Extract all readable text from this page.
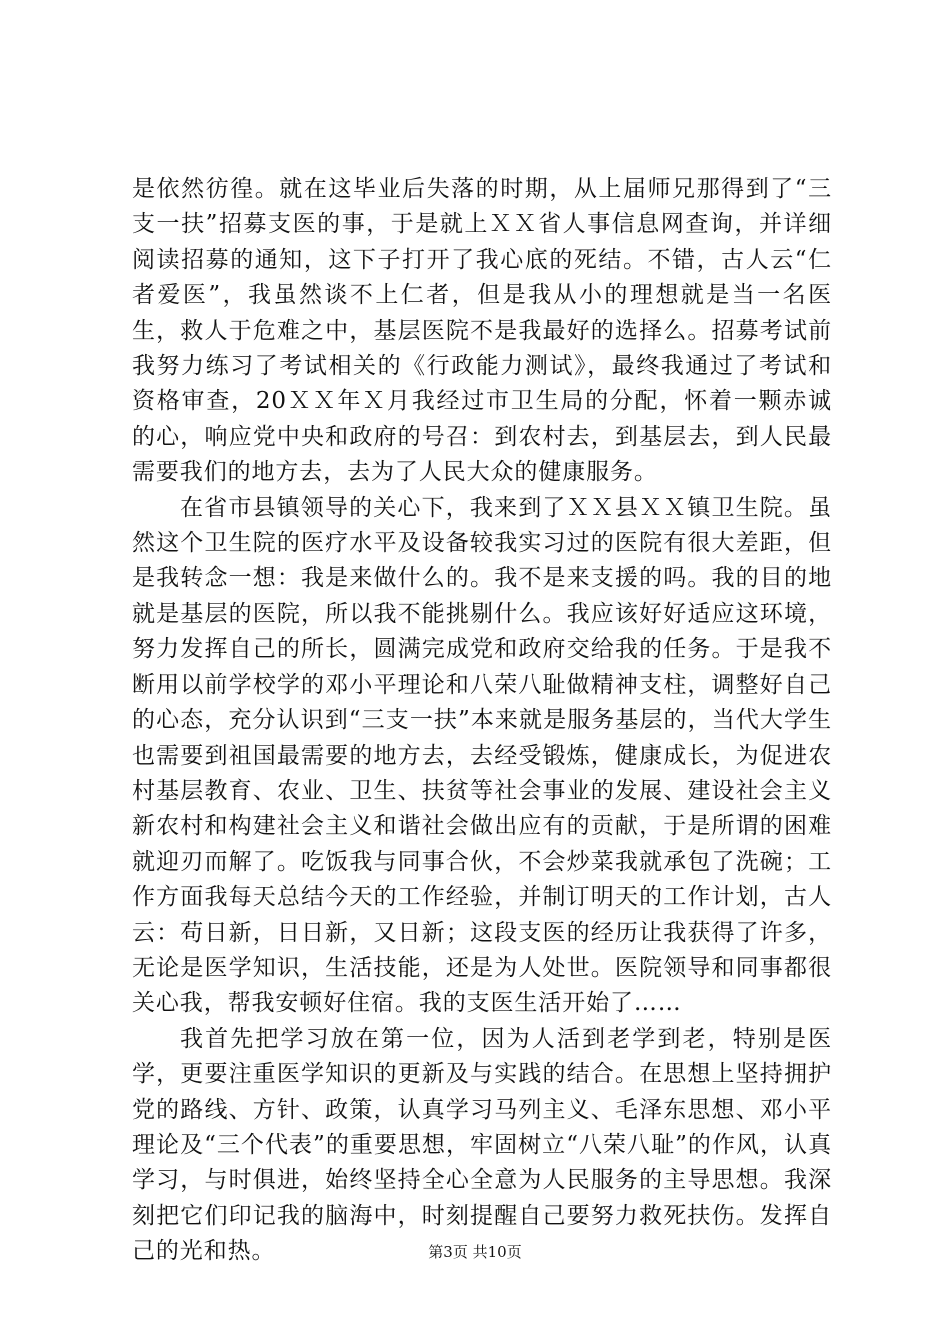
是依然彷徨。就在这毕业后失落的时期，从上届师兄那得到了“三支一扶”招募支医的事，于是就上ＸＸ省人事信息网查询，并详细阅读招募的通知，这下子打开了我心底的死结。不错，古人云“仁者爱医”，我虽然谈不上仁者，但是我从小的理想就是当一名医生，救人于危难之中，基层医院不是我最好的选择么。招募考试前我努力练习了考试相关的《行政能力测试》，最终我通过了考试和资格审查，20ＸＸ年Ｘ月我经过市卫生局的分配，怀着一颗赤诚的心，响应党中央和政府的号召：到农村去，到基层去，到人民最需要我们的地方去，去为了人民大众的健康服务。

在省市县镇领导的关心下，我来到了ＸＸ县ＸＸ镇卫生院。虽然这个卫生院的医疗水平及设备较我实习过的医院有很大差距，但是我转念一想：我是来做什么的。我不是来支援的吗。我的目的地就是基层的医院，所以我不能挑剔什么。我应该好好适应这环境，努力发挥自己的所长，圆满完成党和政府交给我的任务。于是我不断用以前学校学的邓小平理论和八荣八耻做精神支柱，调整好自己的心态，充分认识到“三支一扶”本来就是服务基层的，当代大学生也需要到祖国最需要的地方去，去经受锻炼，健康成长，为促进农村基层教育、农业、卫生、扶贫等社会事业的发展、建设社会主义新农村和构建社会主义和谐社会做出应有的贡献，于是所谓的困难就迎刃而解了。吃饭我与同事合伙，不会炒菜我就承包了洗碗；工作方面我每天总结今天的工作经验，并制订明天的工作计划，古人云：苟日新，日日新，又日新；这段支医的经历让我获得了许多，无论是医学知识，生活技能，还是为人处世。医院领导和同事都很关心我，帮我安顿好住宿。我的支医生活开始了……

我首先把学习放在第一位，因为人活到老学到老，特别是医学，更要注重医学知识的更新及与实践的结合。在思想上坚持拥护党的路线、方针、政策，认真学习马列主义、毛泽东思想、邓小平理论及“三个代表”的重要思想，牢固树立“八荣八耻”的作风，认真学习，与时俱进，始终坚持全心全意为人民服务的主导思想。我深刻把它们印记我的脑海中，时刻提醒自己要努力救死扶伤。发挥自己的光和热。	第3页 共10页
